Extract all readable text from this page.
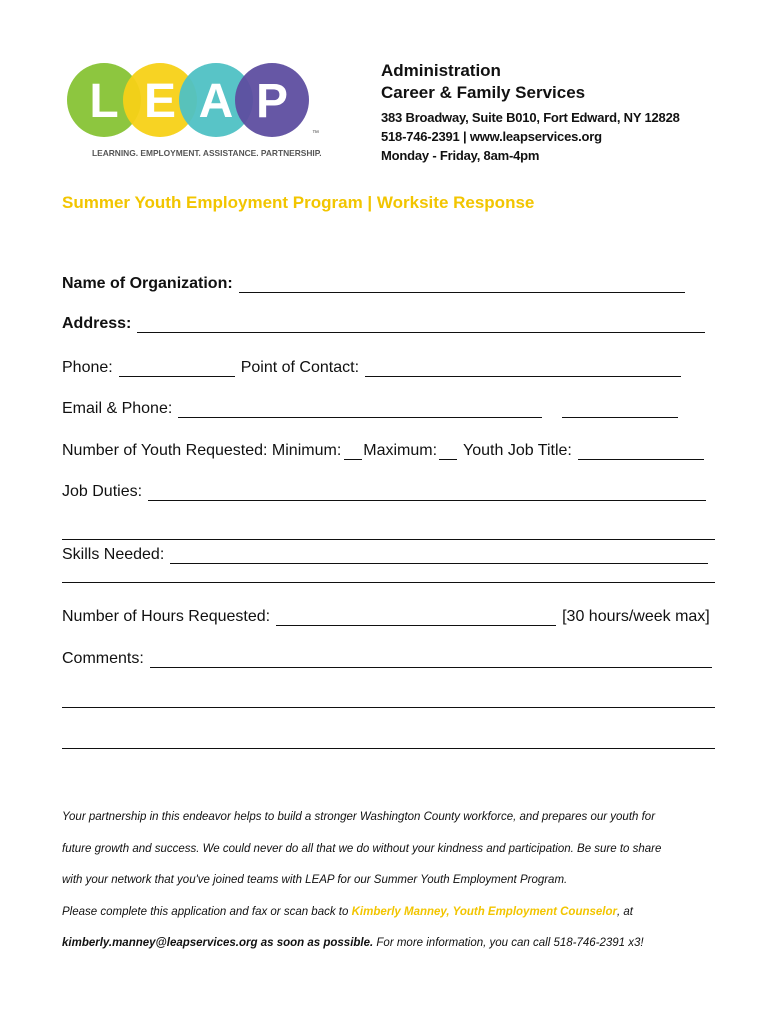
L E A P
™
LEARNING. EMPLOYMENT. ASSISTANCE. PARTNERSHIP.
Administration
Career & Family Services
383 Broadway, Suite B010, Fort Edward, NY 12828
518-746-2391 | www.leapservices.org
Monday - Friday, 8am-4pm
Summer Youth Employment Program | Worksite Response
Name of Organization:
Address:
Phone:	Point of Contact:
Email & Phone:
Number of Youth Requested: Minimum: Maximum: Youth Job Title:
Job Duties:
Skills Needed:
Number of Hours Requested:	[30 hours/week max]
Comments:
Your partnership in this endeavor helps to build a stronger Washington County workforce, and prepares our youth for
future growth and success. We could never do all that we do without your kindness and participation. Be sure to share
with your network that you've joined teams with LEAP for our Summer Youth Employment Program.
Please complete this application and fax or scan back to Kimberly Manney, Youth Employment Counselor, at
kimberly.manney@leapservices.org as soon as possible. For more information, you can call 518-746-2391 x3!
